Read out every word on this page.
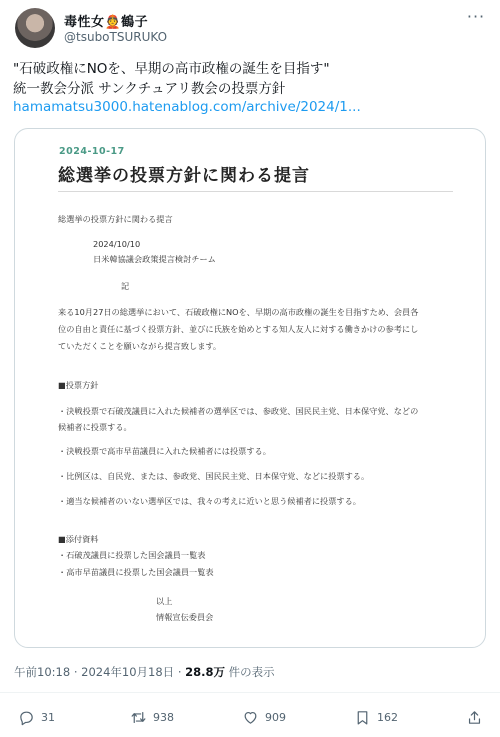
毒性女👲鶴子
@tsuboTSURUKO
···
"石破政権にNOを、早期の高市政権の誕生を目指す"
統一教会分派 サンクチュアリ教会の投票方針
hamamatsu3000.hatenablog.com/archive/2024/1...
2024-10-17
総選挙の投票方針に関わる提言
総選挙の投票方針に関わる提言
2024/10/10
日米韓協議会政策提言検討チーム
記
来る10月27日の総選挙において、石破政権にNOを、早期の高市政権の誕生を目指すため、会員各
位の自由と責任に基づく投票方針、並びに氏族を始めとする知人友人に対する働きかけの参考にし
ていただくことを願いながら提言致します。
■投票方針
・決戦投票で石破茂議員に入れた候補者の選挙区では、参政党、国民民主党、日本保守党、などの
候補者に投票する。
・決戦投票で高市早苗議員に入れた候補者には投票する。
・比例区は、自民党、または、参政党、国民民主党、日本保守党、などに投票する。
・適当な候補者のいない選挙区では、我々の考えに近いと思う候補者に投票する。
■添付資料
・石破茂議員に投票した国会議員一覧表
・高市早苗議員に投票した国会議員一覧表
以上
情報宣伝委員会
午前10:18 · 2024年10月18日 · 28.8万 件の表示
31	938	909	162
